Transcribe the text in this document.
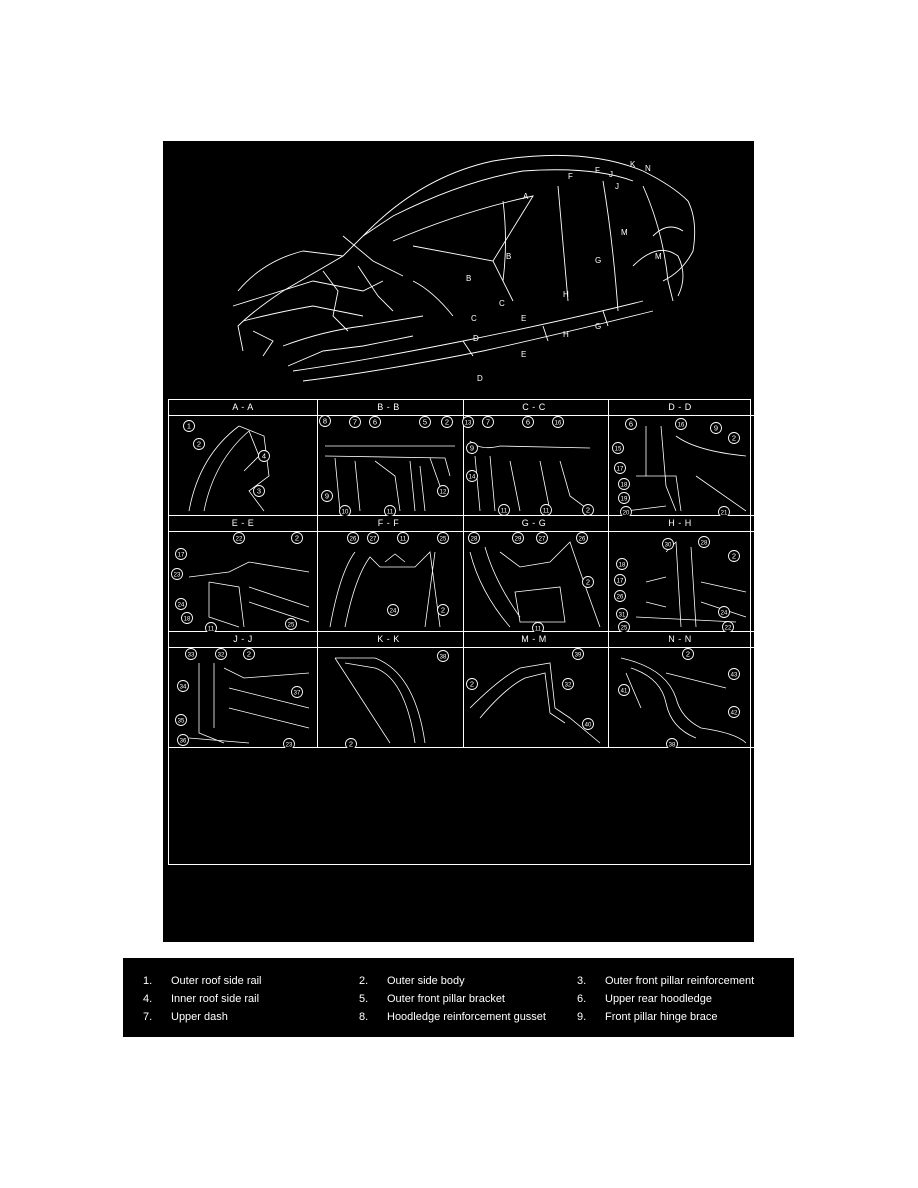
A
B
B
C
C
D
D
E
E
F
F
G
G
H
H
J
J
K N
M
M
A - A
1
2
4
3
B - B
8	7 6	5 2
9
10	11
12
C - C
13 7	6	16
9
14
11	11	2
D - D
6	16	9
2
15
17
18
19
20	21
E - E
22	2
17
23
24
18
11
25
F - F
26 27	11	25
24	2
G - G
28	29	27	26
2
11
H - H
30	28
2
18
17
26
31	24
22
25
J - J
33	32	2
34
37
35
36
23
K - K
38
2
M - M
39
2	32
40
N - N
2
43
41
42
38
1. Outer roof side rail	2. Outer side body	3. Outer front pillar reinforcement
4. Inner roof side rail	5. Outer front pillar bracket	6. Upper rear hoodledge
7. Upper dash	8. Hoodledge reinforcement gusset	9. Front pillar hinge brace
